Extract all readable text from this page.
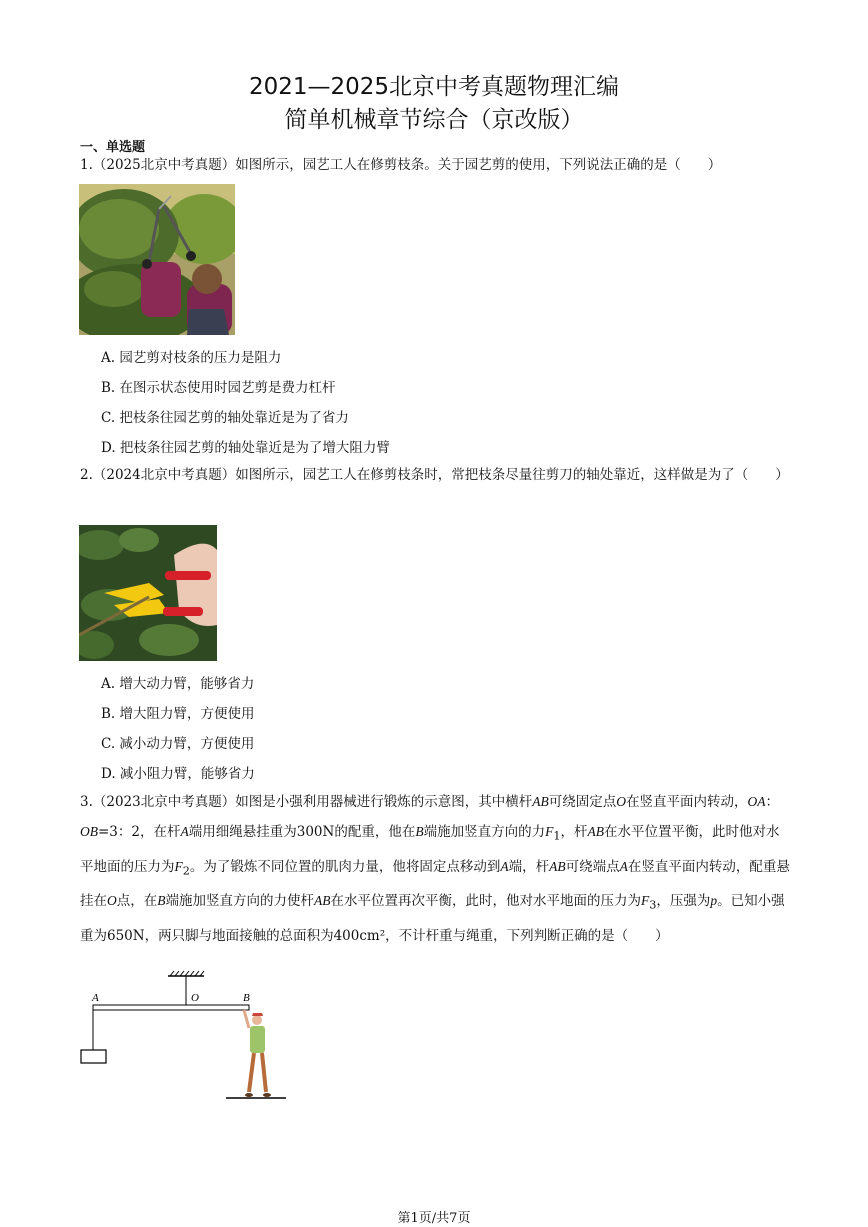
2021—2025北京中考真题物理汇编
简单机械章节综合（京改版）
一、单选题
1.（2025北京中考真题）如图所示，园艺工人在修剪枝条。关于园艺剪的使用，下列说法正确的是（　　）
A. 园艺剪对枝条的压力是阻力
B. 在图示状态使用时园艺剪是费力杠杆
C. 把枝条往园艺剪的轴处靠近是为了省力
D. 把枝条往园艺剪的轴处靠近是为了增大阻力臂
2.（2024北京中考真题）如图所示，园艺工人在修剪枝条时，常把枝条尽量往剪刀的轴处靠近，这样做是为了（　　）
A. 增大动力臂，能够省力
B. 增大阻力臂，方便使用
C. 减小动力臂，方便使用
D. 减小阻力臂，能够省力
3.（2023北京中考真题）如图是小强利用器械进行锻炼的示意图，其中横杆AB可绕固定点O在竖直平面内转动，OA：OB=3：2，在杆A端用细绳悬挂重为300N的配重，他在B端施加竖直方向的力$F_1$，杆AB在水平位置平衡，此时他对水平地面的压力为$F_2$。为了锻炼不同位置的肌肉力量，他将固定点移动到A端，杆AB可绕端点A在竖直平面内转动，配重悬挂在O点，在B端施加竖直方向的力使杆AB在水平位置再次平衡，此时，他对水平地面的压力为$F_3$，压强为p。已知小强重为650N，两只脚与地面接触的总面积为400cm²，不计杆重与绳重，下列判断正确的是（　　）
A	O	B
第1页/共7页
